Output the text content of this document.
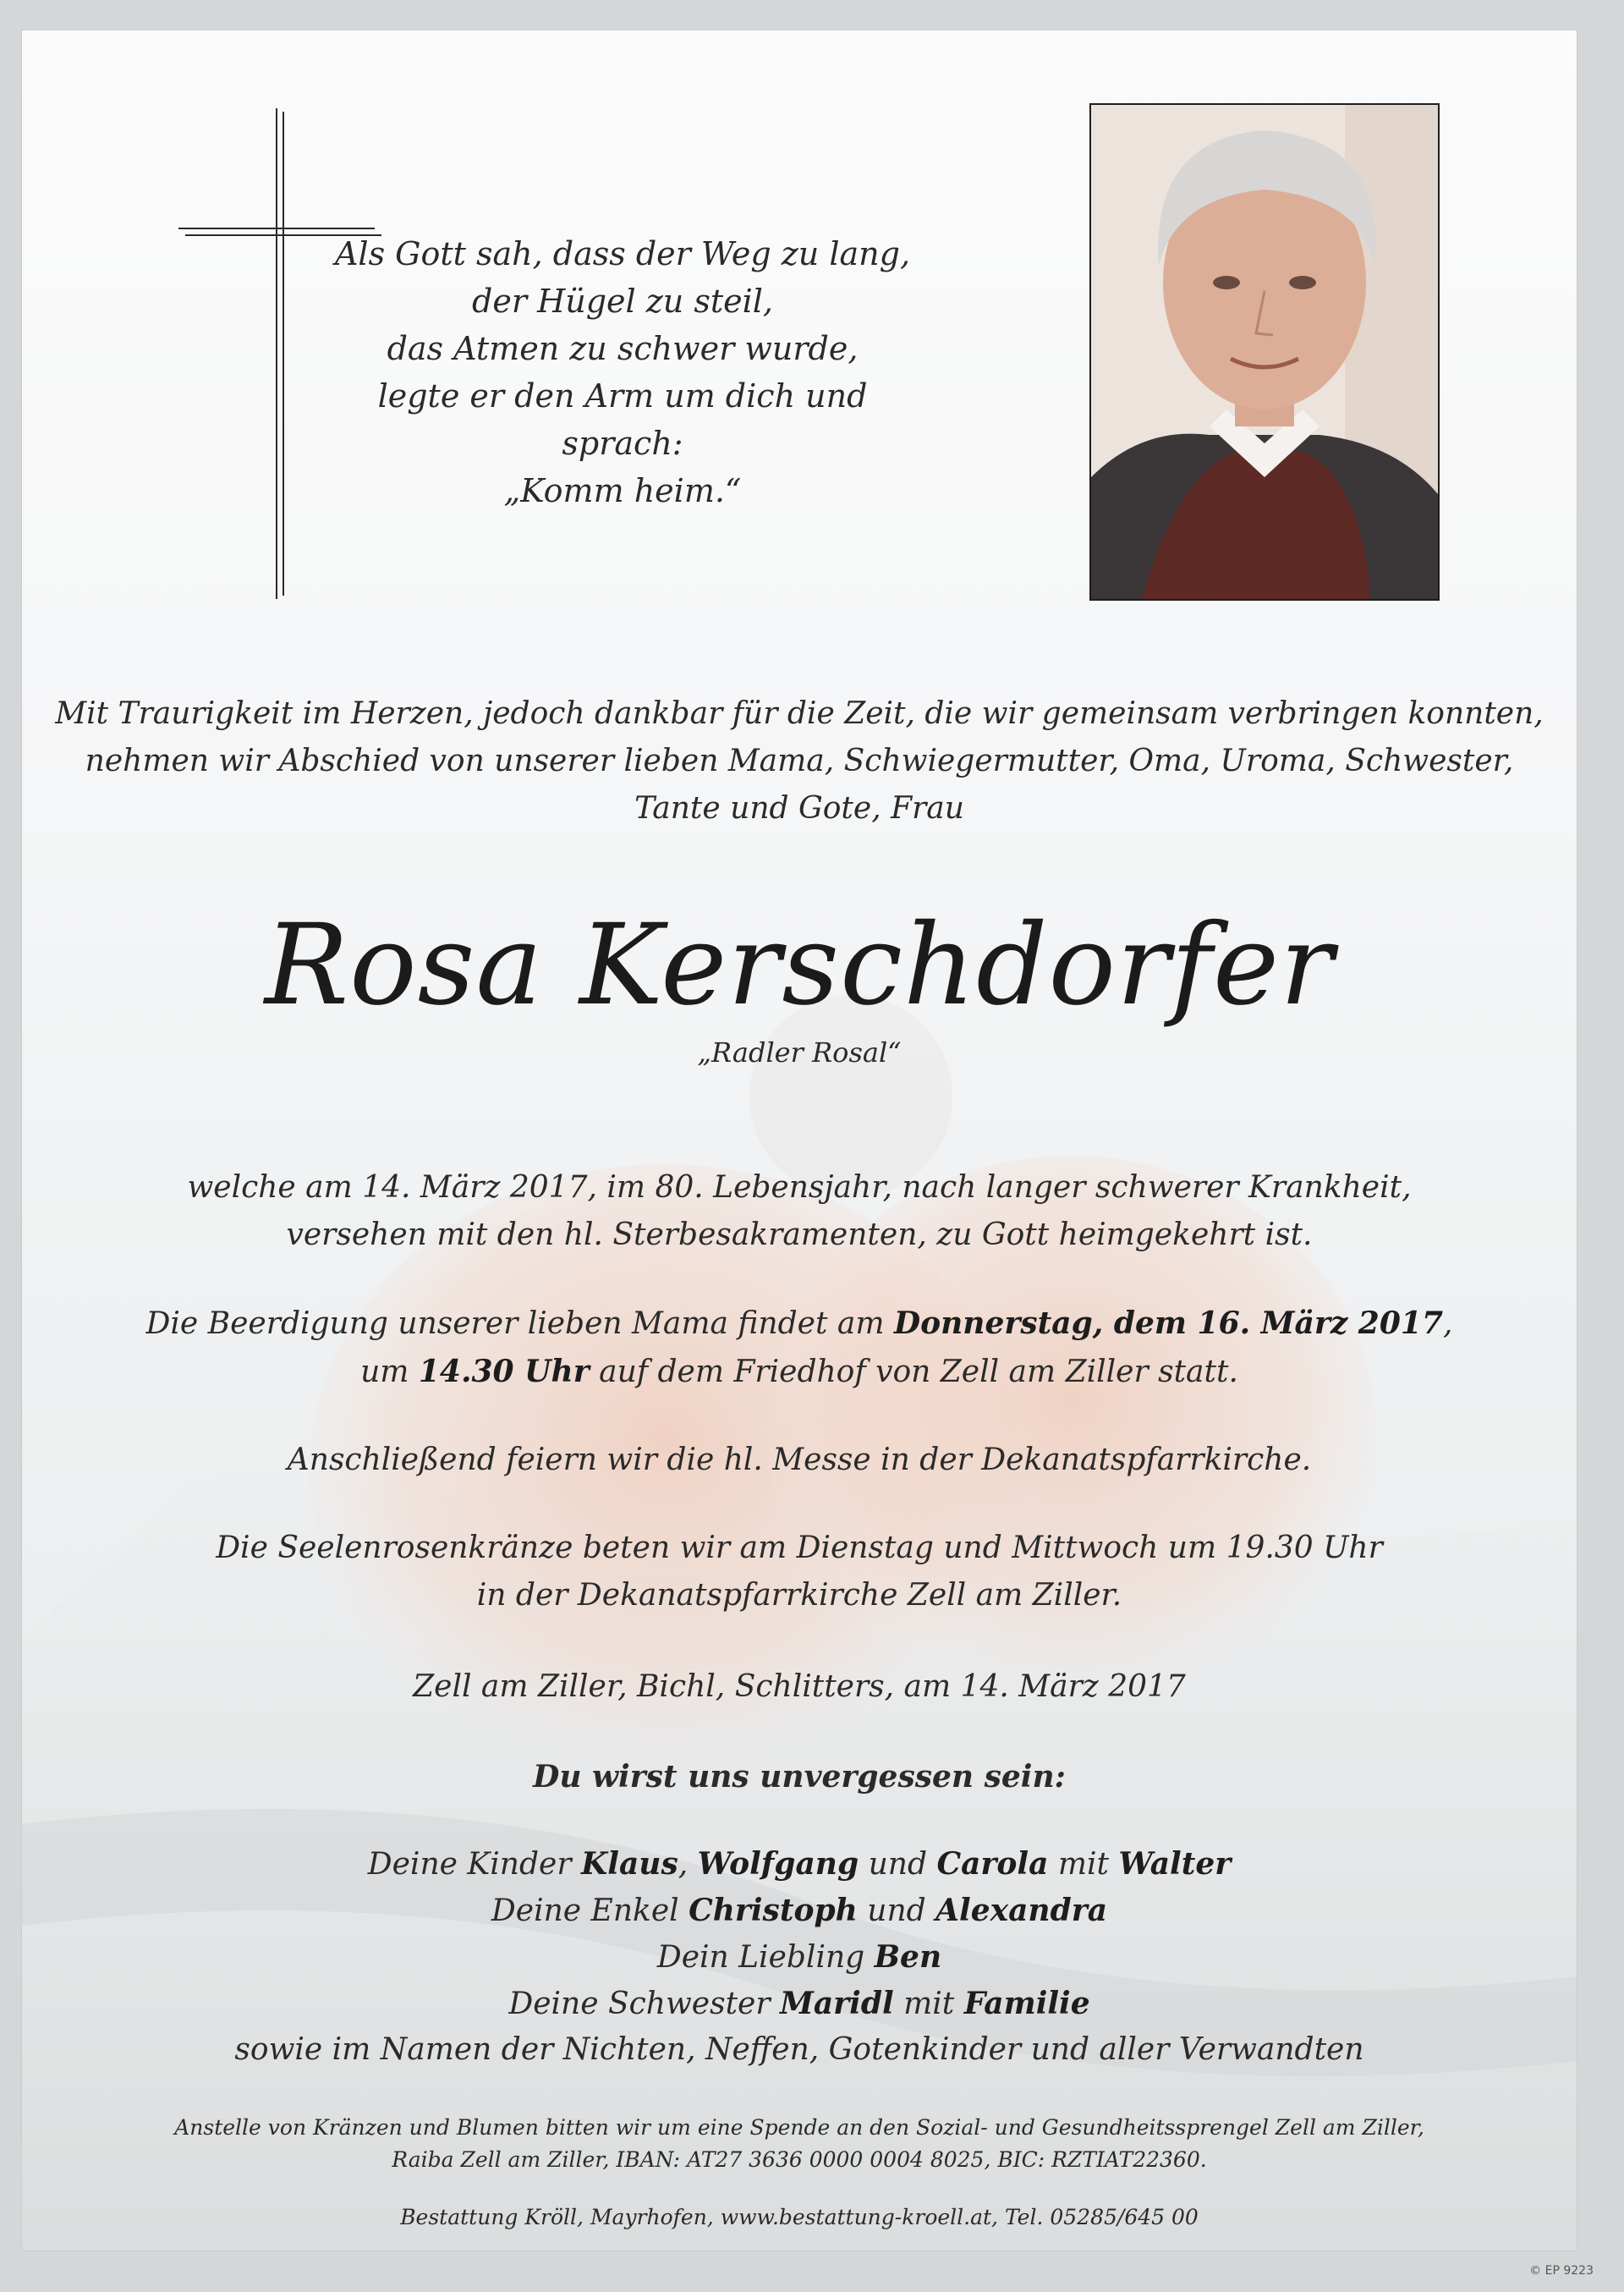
Als Gott sah, dass der Weg zu lang,
der Hügel zu steil,
das Atmen zu schwer wurde,
legte er den Arm um dich und sprach:
„Komm heim.“

Mit Traurigkeit im Herzen, jedoch dankbar für die Zeit, die wir gemeinsam verbringen konnten,
nehmen wir Abschied von unserer lieben Mama, Schwiegermutter, Oma, Uroma, Schwester,
Tante und Gote, Frau

Rosa Kerschdorfer

„Radler Rosal“

welche am 14. März 2017, im 80. Lebensjahr, nach langer schwerer Krankheit,
versehen mit den hl. Sterbesakramenten, zu Gott heimgekehrt ist.

Die Beerdigung unserer lieben Mama findet am Donnerstag, dem 16. März 2017,
um 14.30 Uhr auf dem Friedhof von Zell am Ziller statt.

Anschließend feiern wir die hl. Messe in der Dekanatspfarrkirche.

Die Seelenrosenkränze beten wir am Dienstag und Mittwoch um 19.30 Uhr
in der Dekanatspfarrkirche Zell am Ziller.

Zell am Ziller, Bichl, Schlitters, am 14. März 2017

Du wirst uns unvergessen sein:

Deine Kinder Klaus, Wolfgang und Carola mit Walter
Deine Enkel Christoph und Alexandra
Dein Liebling Ben
Deine Schwester Maridl mit Familie
sowie im Namen der Nichten, Neffen, Gotenkinder und aller Verwandten

Anstelle von Kränzen und Blumen bitten wir um eine Spende an den Sozial- und Gesundheitssprengel Zell am Ziller,
Raiba Zell am Ziller, IBAN: AT27 3636 0000 0004 8025, BIC: RZTIAT22360.

Bestattung Kröll, Mayrhofen, www.bestattung-kroell.at, Tel. 05285/645 00

© EP 9223
